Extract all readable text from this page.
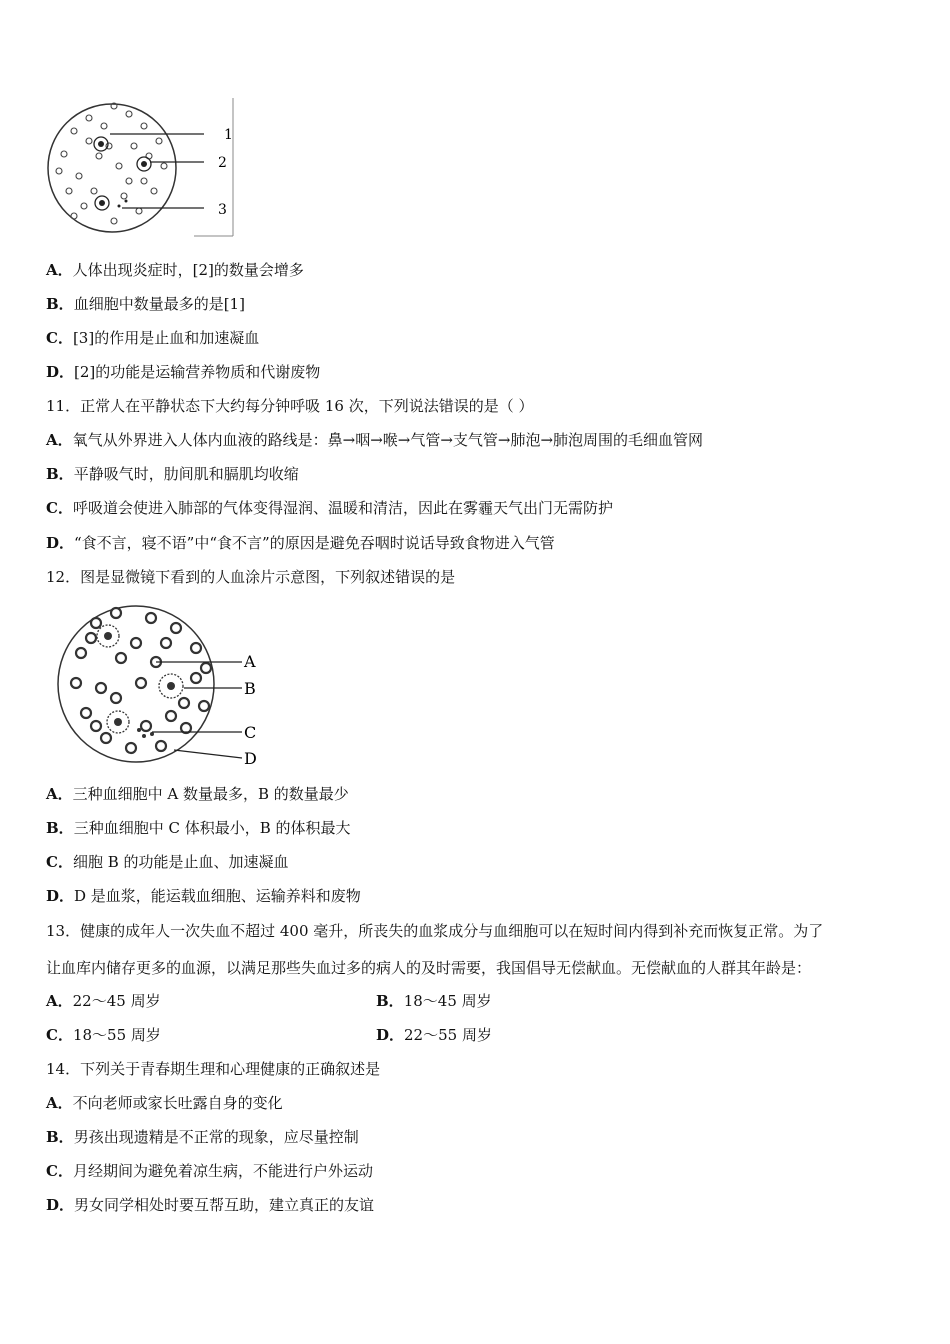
1
2
3
A．人体出现炎症时，[2]的数量会增多
B．血细胞中数量最多的是[1]
C．[3]的作用是止血和加速凝血
D．[2]的功能是运输营养物质和代谢废物
11．正常人在平静状态下大约每分钟呼吸 16 次，下列说法错误的是（ ）
A．氧气从外界进入人体内血液的路线是：鼻→咽→喉→气管→支气管→肺泡→肺泡周围的毛细血管网
B．平静吸气时，肋间肌和膈肌均收缩
C．呼吸道会使进入肺部的气体变得湿润、温暖和清洁，因此在雾霾天气出门无需防护
D．“食不言，寝不语”中“食不言”的原因是避免吞咽时说话导致食物进入气管
12．图是显微镜下看到的人血涂片示意图，下列叙述错误的是
A
B
C
D
A．三种血细胞中 A 数量最多，B 的数量最少
B．三种血细胞中 C 体积最小，B 的体积最大
C．细胞 B 的功能是止血、加速凝血
D．D 是血浆，能运载血细胞、运输养料和废物
13．健康的成年人一次失血不超过 400 毫升，所丧失的血浆成分与血细胞可以在短时间内得到补充而恢复正常。为了
让血库内储存更多的血源，以满足那些失血过多的病人的及时需要，我国倡导无偿献血。无偿献血的人群其年龄是：
A．22～45 周岁	B．18～45 周岁
C．18～55 周岁	D．22～55 周岁
14．下列关于青春期生理和心理健康的正确叙述是
A．不向老师或家长吐露自身的变化
B．男孩出现遗精是不正常的现象，应尽量控制
C．月经期间为避免着凉生病，不能进行户外运动
D．男女同学相处时要互帮互助，建立真正的友谊
